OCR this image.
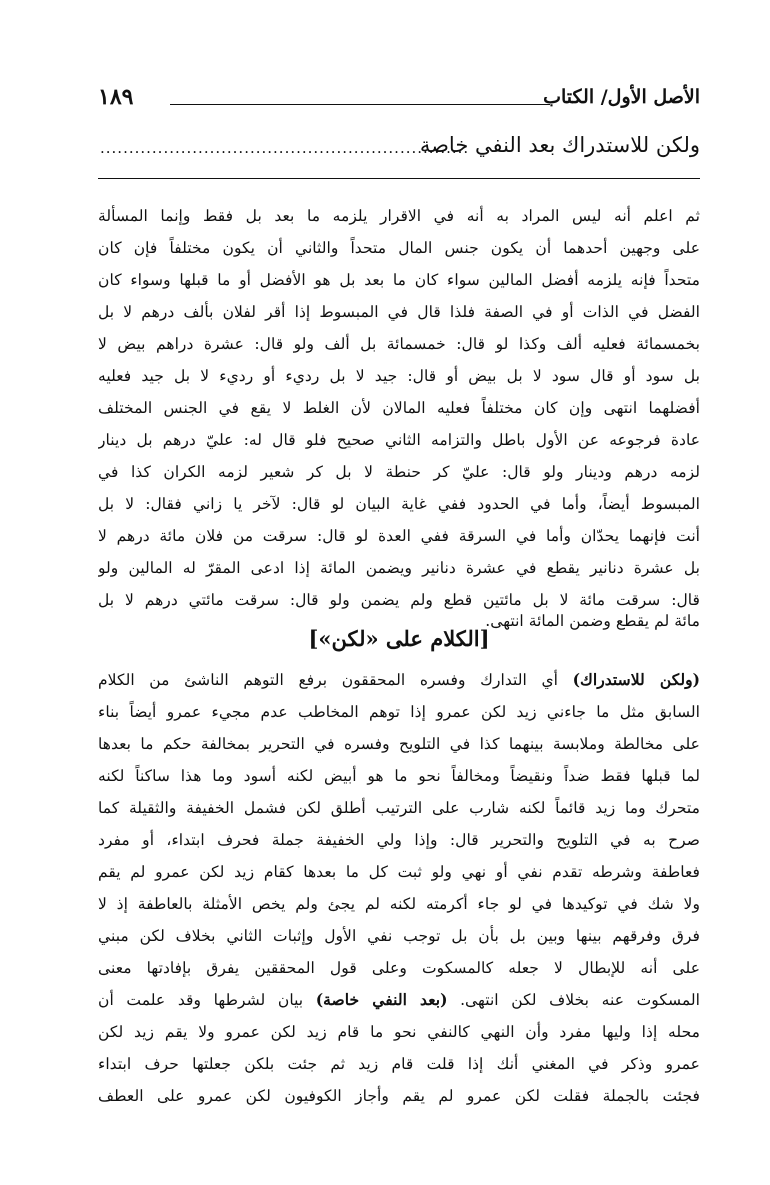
الأصل الأول/ الكتاب
١٨٩
ولكن للاستدراك بعد النفي خاصة
................................................................
ثم اعلم أنه ليس المراد به أنه في الاقرار يلزمه ما بعد بل فقط وإنما المسألة
على وجهين أحدهما أن يكون جنس المال متحداً والثاني أن يكون مختلفاً فإن كان
متحداً فإنه يلزمه أفضل المالين سواء كان ما بعد بل هو الأفضل أو ما قبلها وسواء كان
الفضل في الذات أو في الصفة فلذا قال في المبسوط إذا أقر لفلان بألف درهم لا بل
بخمسمائة فعليه ألف وكذا لو قال: خمسمائة بل ألف ولو قال: عشرة دراهم بيض لا
بل سود أو قال سود لا بل بيض أو قال: جيد لا بل رديء أو رديء لا بل جيد فعليه
أفضلهما انتهى وإن كان مختلفاً فعليه المالان لأن الغلط لا يقع في الجنس المختلف
عادة فرجوعه عن الأول باطل والتزامه الثاني صحيح فلو قال له: عليّ درهم بل دينار
لزمه درهم ودينار ولو قال: عليّ كر حنطة لا بل كر شعير لزمه الكران كذا في
المبسوط أيضاً، وأما في الحدود ففي غاية البيان لو قال: لآخر يا زاني فقال: لا بل
أنت فإنهما يحدّان وأما في السرقة ففي العدة لو قال: سرقت من فلان مائة درهم لا
بل عشرة دنانير يقطع في عشرة دنانير ويضمن المائة إذا ادعى المقرّ له المالين ولو
قال: سرقت مائة لا بل مائتين قطع ولم يضمن ولو قال: سرقت مائتي درهم لا بل
مائة لم يقطع وضمن المائة انتهى.
[الكلام على «لكن»]
(ولكن للاستدراك) أي التدارك وفسره المحققون برفع التوهم الناشئ من الكلام
السابق مثل ما جاءني زيد لكن عمرو إذا توهم المخاطب عدم مجيء عمرو أيضاً بناء
على مخالطة وملابسة بينهما كذا في التلويح وفسره في التحرير بمخالفة حكم ما بعدها
لما قبلها فقط ضداً ونقيضاً ومخالفاً نحو ما هو أبيض لكنه أسود وما هذا ساكناً لكنه
متحرك وما زيد قائماً لكنه شارب على الترتيب أطلق لكن فشمل الخفيفة والثقيلة كما
صرح به في التلويح والتحرير قال: وإذا ولي الخفيفة جملة فحرف ابتداء، أو مفرد
فعاطفة وشرطه تقدم نفي أو نهي ولو ثبت كل ما بعدها كقام زيد لكن عمرو لم يقم
ولا شك في توكيدها في لو جاء أكرمته لكنه لم يجئ ولم يخص الأمثلة بالعاطفة إذ لا
فرق وفرقهم بينها وبين بل بأن بل توجب نفي الأول وإثبات الثاني بخلاف لكن مبني
على أنه للإبطال لا جعله كالمسكوت وعلى قول المحققين يفرق بإفادتها معنى
المسكوت عنه بخلاف لكن انتهى. (بعد النفي خاصة) بيان لشرطها وقد علمت أن
محله إذا وليها مفرد وأن النهي كالنفي نحو ما قام زيد لكن عمرو ولا يقم زيد لكن
عمرو وذكر في المغني أنك إذا قلت قام زيد ثم جئت بلكن جعلتها حرف ابتداء
فجئت بالجملة فقلت لكن عمرو لم يقم وأجاز الكوفيون لكن عمرو على العطف
